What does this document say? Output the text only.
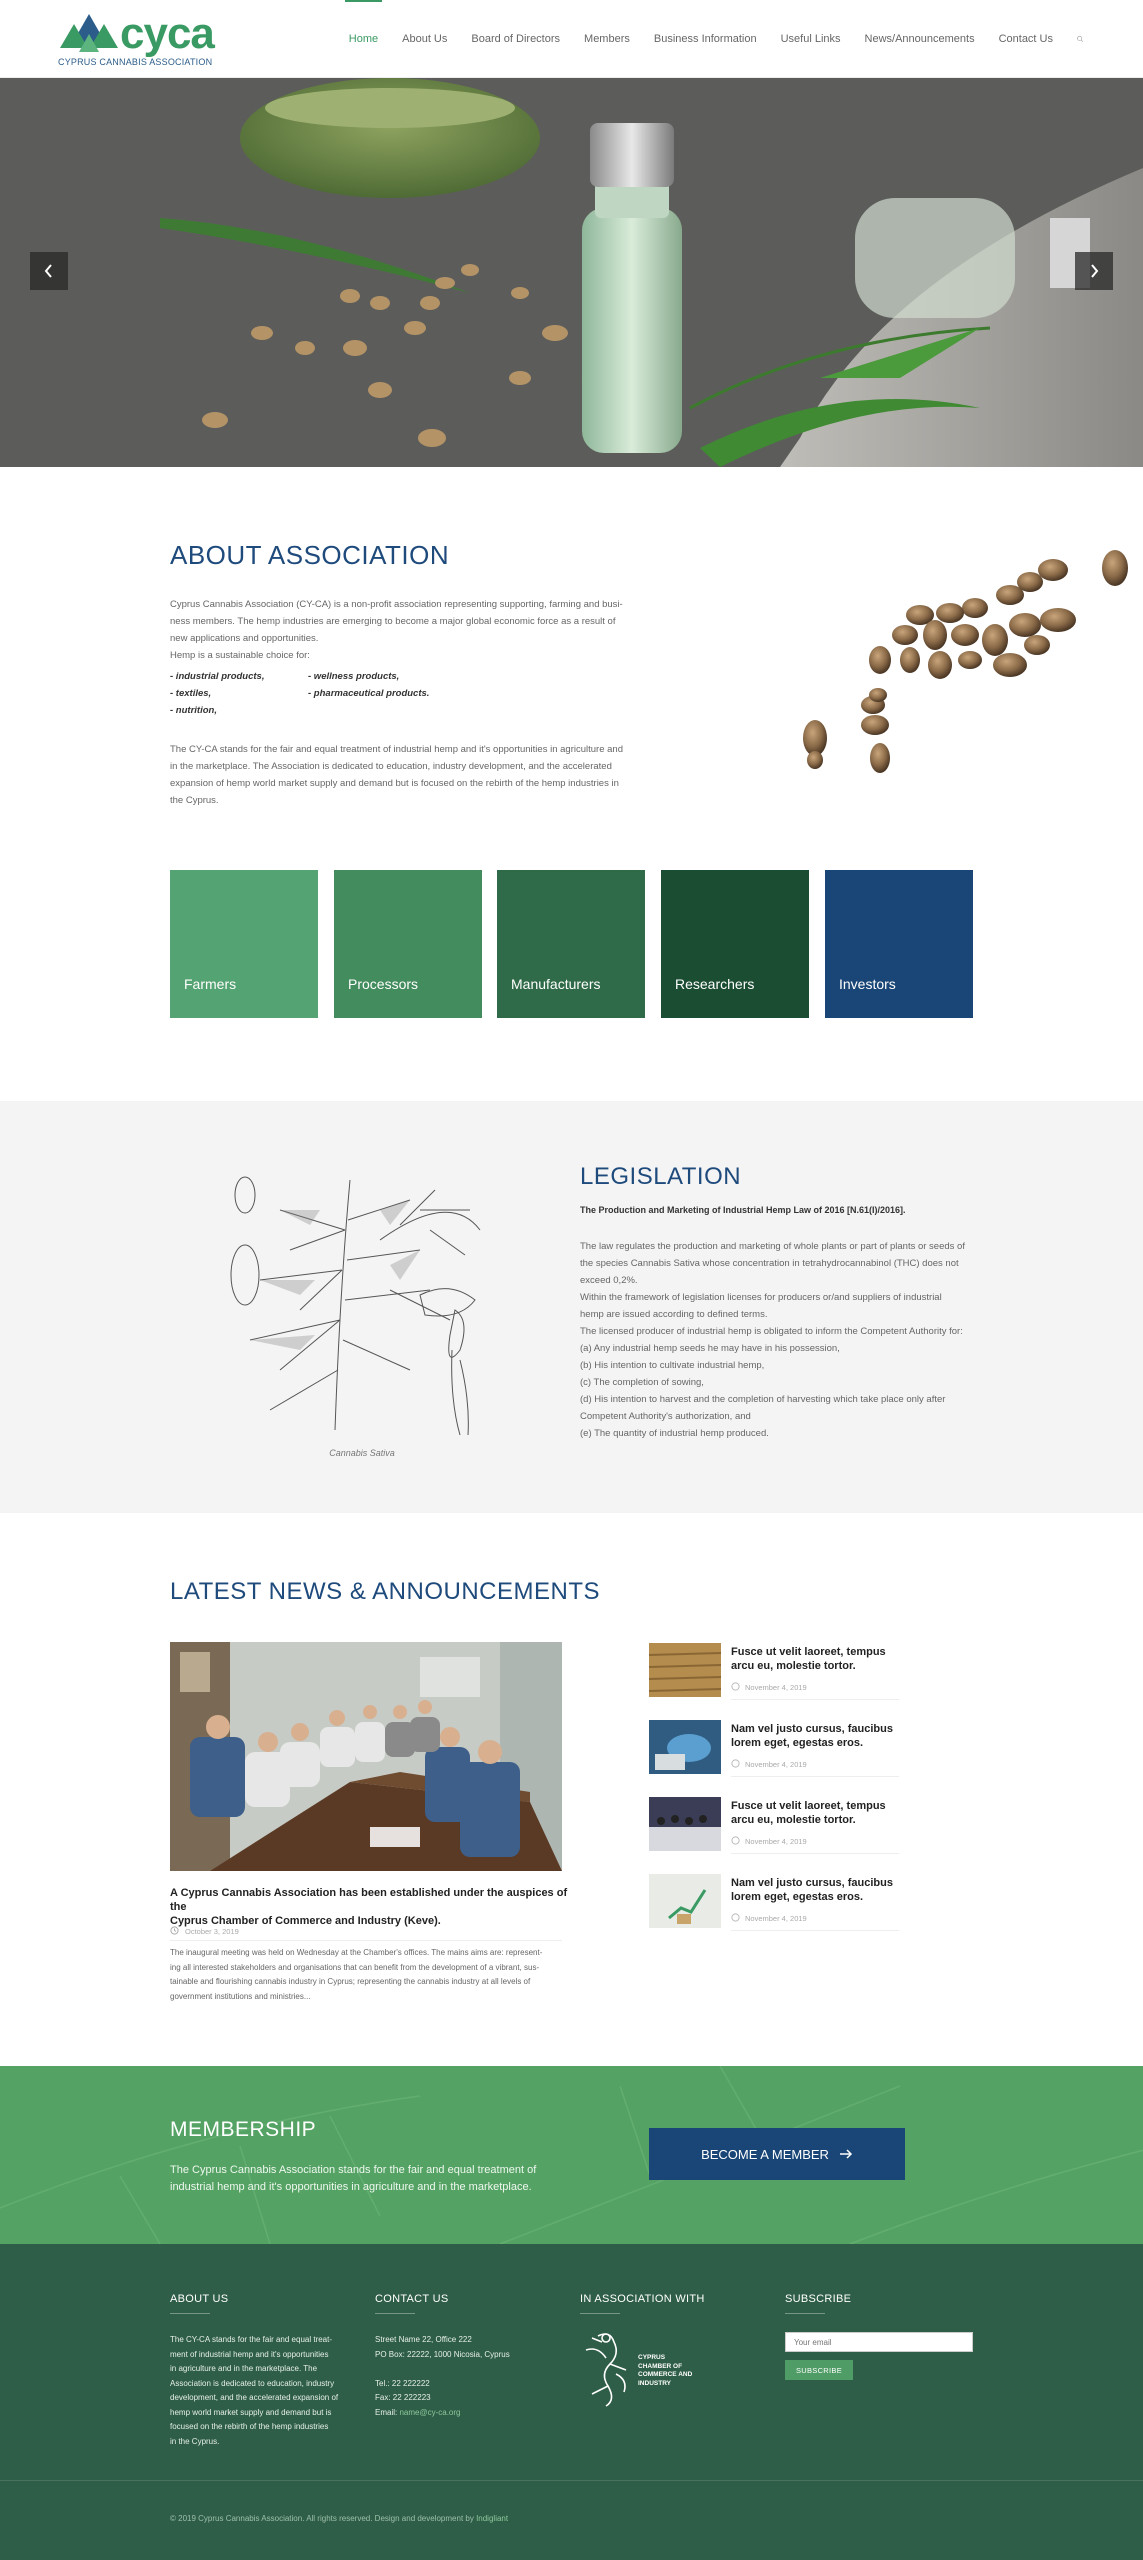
cyca
CYPRUS CANNABIS ASSOCIATION
Home	About Us	Board of Directors	Members	Business Information	Useful Links	News/Announcements	Contact Us
ABOUT ASSOCIATION
Cyprus Cannabis Association (CY-CA) is a non-profit association representing supporting, farming and busi-
ness members. The hemp industries are emerging to become a major global economic force as a result of
new applications and opportunities.
Hemp is a sustainable choice for:
- industrial products,
- textiles,
- nutrition,
- wellness products,
- pharmaceutical products.
The CY-CA stands for the fair and equal treatment of industrial hemp and it's opportunities in agriculture and
in the marketplace. The Association is dedicated to education, industry development, and the accelerated
expansion of hemp world market supply and demand but is focused on the rebirth of the hemp industries in
the Cyprus.
Farmers	Processors	Manufacturers	Researchers	Investors
Cannabis Sativa
LEGISLATION
The Production and Marketing of Industrial Hemp Law of 2016 [N.61(I)/2016].
The law regulates the production and marketing of whole plants or part of plants or seeds of
the species Cannabis Sativa whose concentration in tetrahydrocannabinol (THC) does not
exceed 0,2%.
Within the framework of legislation licenses for producers or/and suppliers of industrial
hemp are issued according to defined terms.
The licensed producer of industrial hemp is obligated to inform the Competent Authority for:
(a) Any industrial hemp seeds he may have in his possession,
(b) His intention to cultivate industrial hemp,
(c) The completion of sowing,
(d) His intention to harvest and the completion of harvesting which take place only after
Competent Authority's authorization, and
(e) The quantity of industrial hemp produced.
LATEST NEWS & ANNOUNCEMENTS
A Cyprus Cannabis Association has been established under the auspices of the
Cyprus Chamber of Commerce and Industry (Keve).
October 3, 2019
The inaugural meeting was held on Wednesday at the Chamber's offices. The mains aims are: represent-
ing all interested stakeholders and organisations that can benefit from the development of a vibrant, sus-
tainable and flourishing cannabis industry in Cyprus; representing the cannabis industry at all levels of
government institutions and ministries...
Fusce ut velit laoreet, tempus arcu eu, molestie tortor.
November 4, 2019
Nam vel justo cursus, faucibus lorem eget, egestas eros.
November 4, 2019
Fusce ut velit laoreet, tempus arcu eu, molestie tortor.
November 4, 2019
Nam vel justo cursus, faucibus lorem eget, egestas eros.
November 4, 2019
MEMBERSHIP
The Cyprus Cannabis Association stands for the fair and equal treatment of
industrial hemp and it's opportunities in agriculture and in the marketplace.
BECOME A MEMBER
ABOUT US
The CY-CA stands for the fair and equal treat-
ment of industrial hemp and it's opportunities
in agriculture and in the marketplace. The
Association is dedicated to education, industry
development, and the accelerated expansion of
hemp world market supply and demand but is
focused on the rebirth of the hemp industries
in the Cyprus.
CONTACT US
Street Name 22, Office 222
PO Box: 22222, 1000 Nicosia, Cyprus
Tel.: 22 222222
Fax: 22 222223
Email: name@cy-ca.org
IN ASSOCIATION WITH
CYPRUS
CHAMBER OF
COMMERCE AND
INDUSTRY
SUBSCRIBE
Your email
SUBSCRIBE
© 2019 Cyprus Cannabis Association. All rights reserved. Design and development by Indigliant
